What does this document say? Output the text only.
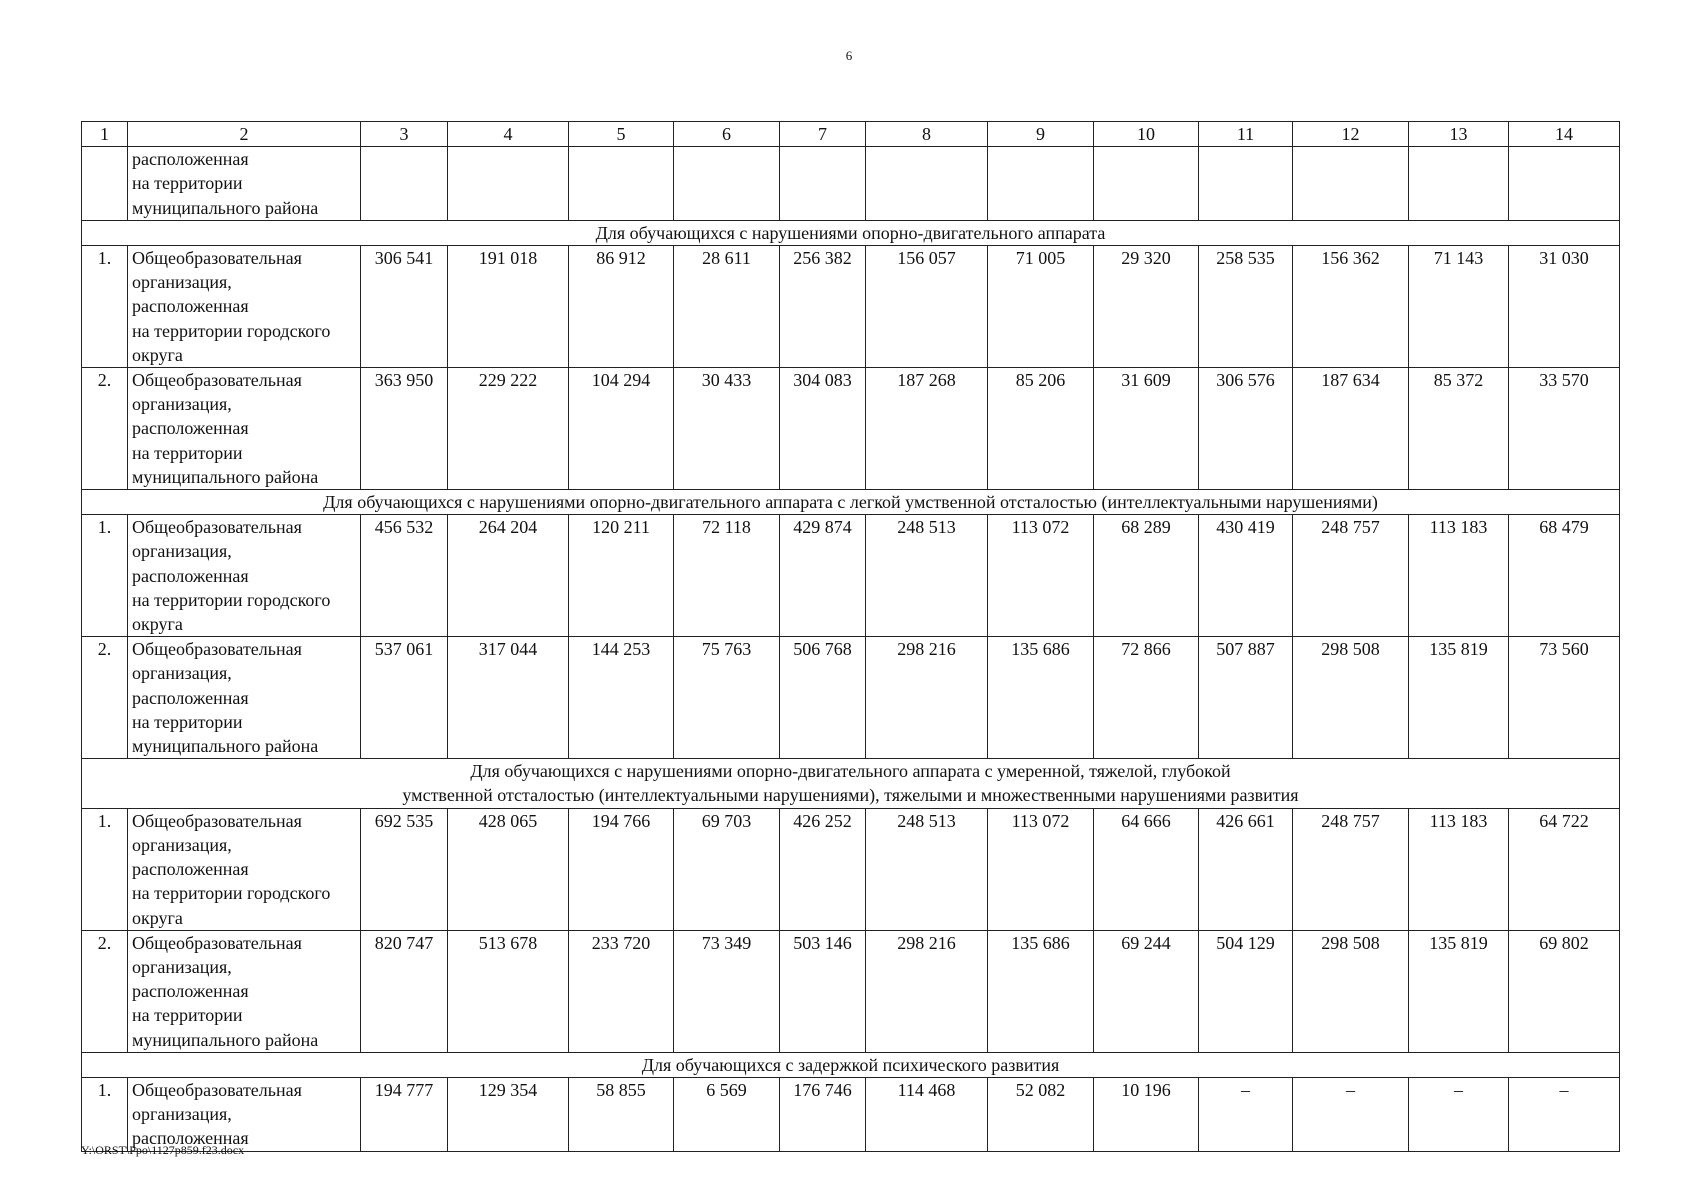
6
1	2	3	4	5	6	7	8	9	10	11	12	13	14
	расположенная
на территории
муниципального района												
Для обучающихся с нарушениями опорно-двигательного аппарата													
1.	Общеобразовательная
организация,
расположенная
на территории городского
округа	306 541	191 018	86 912	28 611	256 382	156 057	71 005	29 320	258 535	156 362	71 143	31 030
2.	Общеобразовательная
организация,
расположенная
на территории
муниципального района	363 950	229 222	104 294	30 433	304 083	187 268	85 206	31 609	306 576	187 634	85 372	33 570
Для обучающихся с нарушениями опорно-двигательного аппарата с легкой умственной отсталостью (интеллектуальными нарушениями)													
1.	Общеобразовательная
организация,
расположенная
на территории городского
округа	456 532	264 204	120 211	72 118	429 874	248 513	113 072	68 289	430 419	248 757	113 183	68 479
2.	Общеобразовательная
организация,
расположенная
на территории
муниципального района	537 061	317 044	144 253	75 763	506 768	298 216	135 686	72 866	507 887	298 508	135 819	73 560
Для обучающихся с нарушениями опорно-двигательного аппарата с умеренной, тяжелой, глубокой
умственной отсталостью (интеллектуальными нарушениями), тяжелыми и множественными нарушениями развития													
1.	Общеобразовательная
организация,
расположенная
на территории городского
округа	692 535	428 065	194 766	69 703	426 252	248 513	113 072	64 666	426 661	248 757	113 183	64 722
2.	Общеобразовательная
организация,
расположенная
на территории
муниципального района	820 747	513 678	233 720	73 349	503 146	298 216	135 686	69 244	504 129	298 508	135 819	69 802
Для обучающихся с задержкой психического развития													
1.	Общеобразовательная
организация,
расположенная	194 777	129 354	58 855	6 569	176 746	114 468	52 082	10 196	–	–	–	–
Y:\ORST\Ppo\1127p859.f23.docx
